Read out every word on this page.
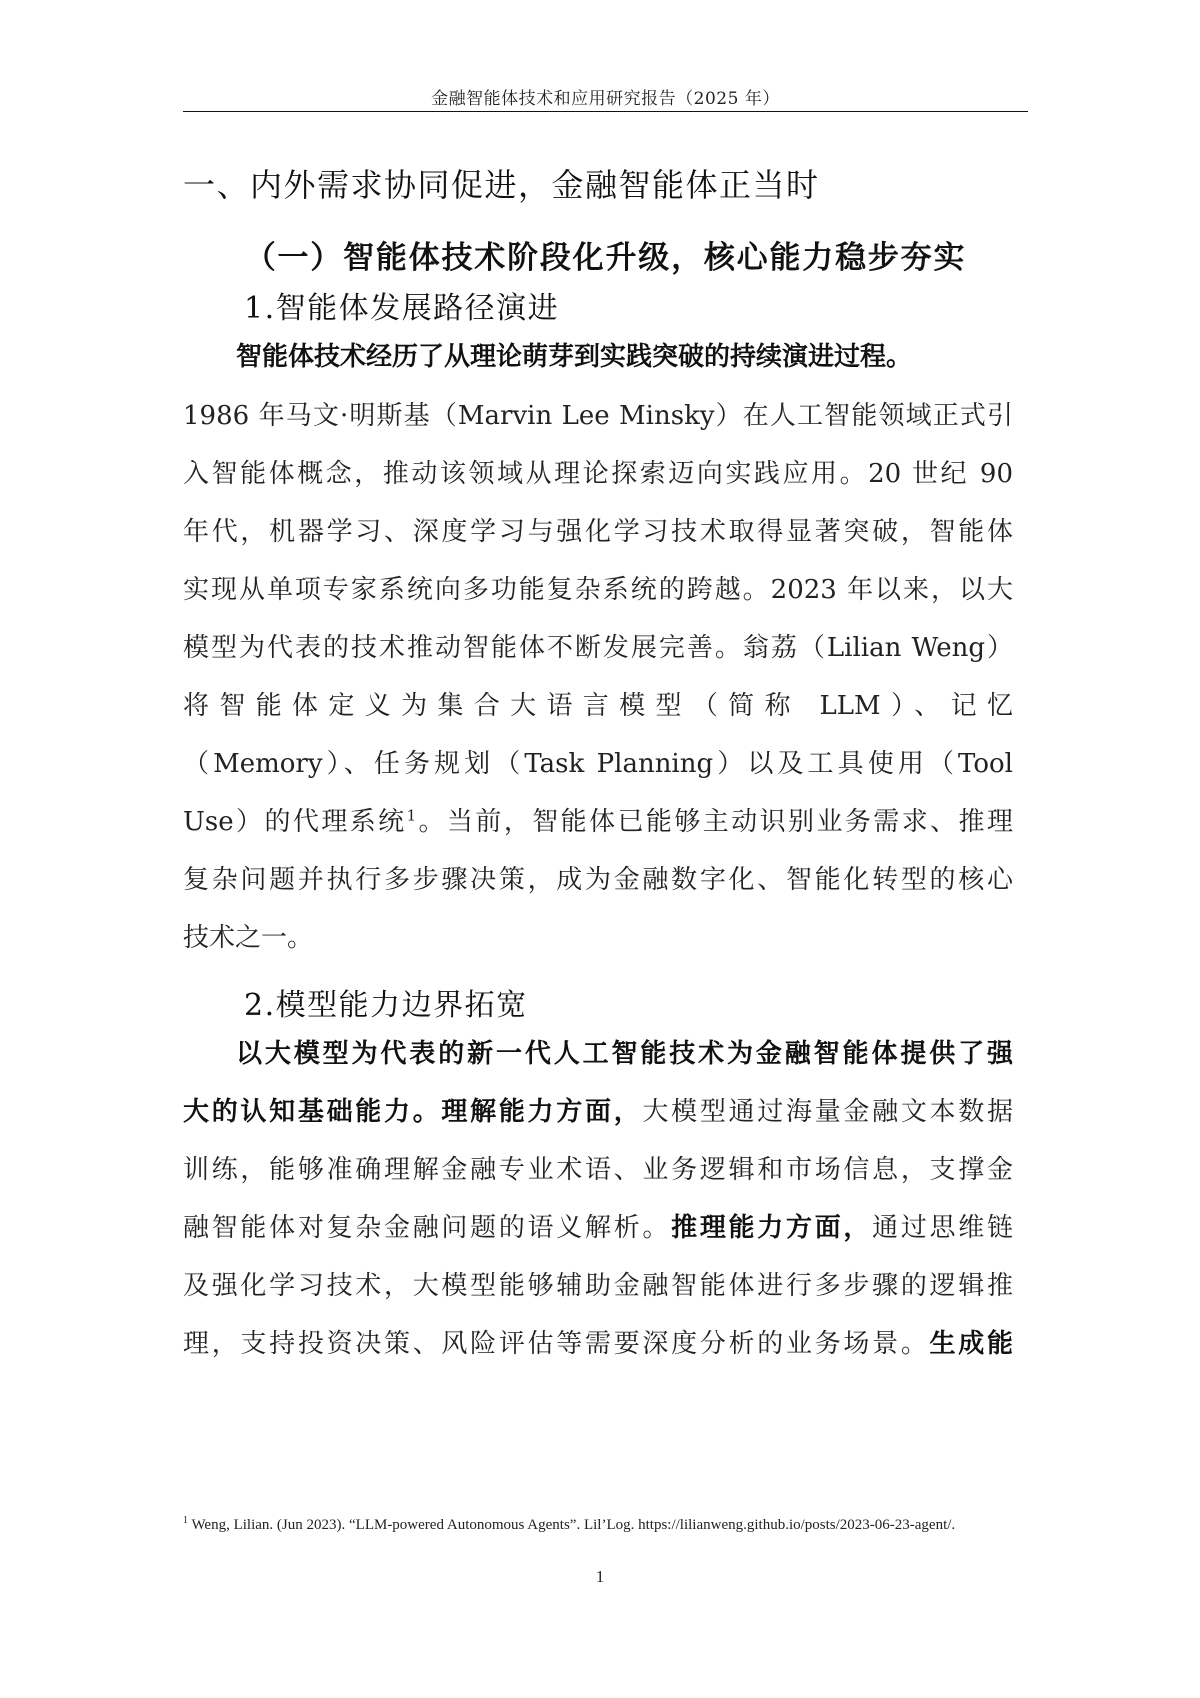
金融智能体技术和应用研究报告（2025 年）
一、内外需求协同促进，金融智能体正当时
（一）智能体技术阶段化升级，核心能力稳步夯实
1.智能体发展路径演进
智能体技术经历了从理论萌芽到实践突破的持续演进过程。
1986 年马文·明斯基（Marvin Lee Minsky）在人工智能领域正式引
入智能体概念，推动该领域从理论探索迈向实践应用。20 世纪 90
年代，机器学习、深度学习与强化学习技术取得显著突破，智能体
实现从单项专家系统向多功能复杂系统的跨越。2023 年以来，以大
模型为代表的技术推动智能体不断发展完善。翁荔（Lilian Weng）
将智能体定义为集合大语言模型（简称 LLM）、记忆
（Memory）、任务规划（Task Planning）以及工具使用（Tool
Use）的代理系统$^1$。当前，智能体已能够主动识别业务需求、推理
复杂问题并执行多步骤决策，成为金融数字化、智能化转型的核心
技术之一。
2.模型能力边界拓宽
以大模型为代表的新一代人工智能技术为金融智能体提供了强
大的认知基础能力。理解能力方面，大模型通过海量金融文本数据
训练，能够准确理解金融专业术语、业务逻辑和市场信息，支撑金
融智能体对复杂金融问题的语义解析。推理能力方面，通过思维链
及强化学习技术，大模型能够辅助金融智能体进行多步骤的逻辑推
理，支持投资决策、风险评估等需要深度分析的业务场景。生成能
$^1$ Weng, Lilian. (Jun 2023). “LLM-powered Autonomous Agents”. Lil’Log. https://lilianweng.github.io/posts/2023-06-23-agent/.
1
